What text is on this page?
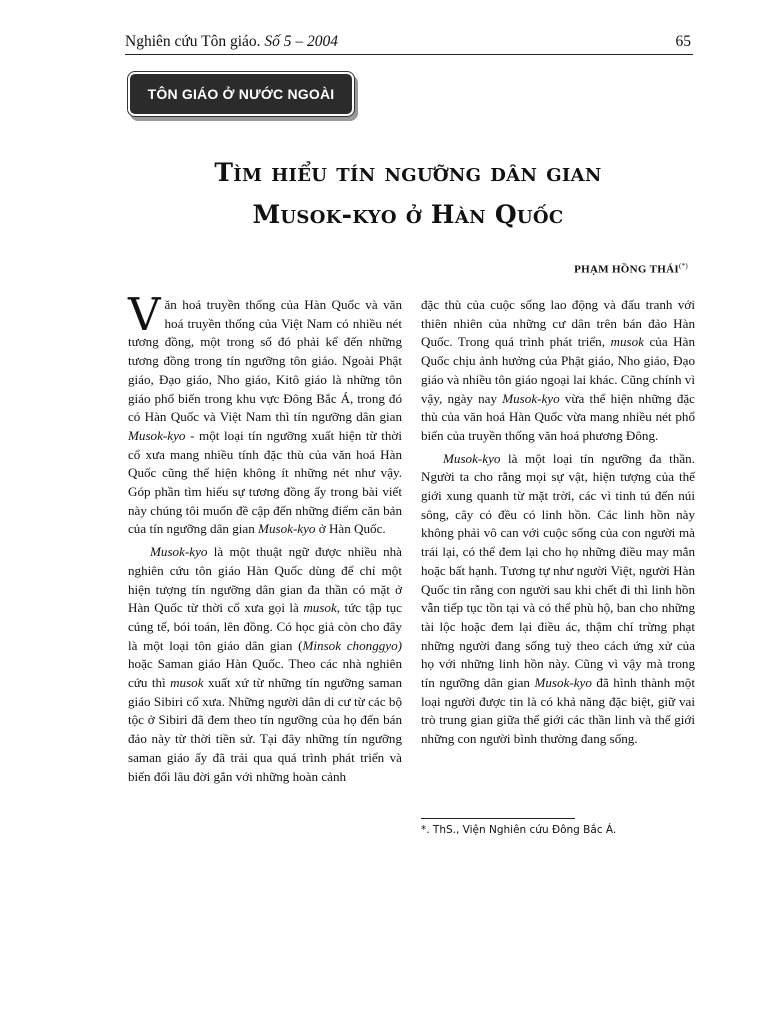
Nghiên cứu Tôn giáo. Số 5 – 2004	65
TÔN GIÁO Ở NƯỚC NGOÀI
Tìm hiểu tín ngưỡng dân gian
Musok-kyo ở Hàn Quốc
PHẠM HỒNG THÁI(*)

Văn hoá truyền thống của Hàn Quốc và văn hoá truyền thống của Việt Nam có nhiều nét tương đồng, một trong số đó phải kể đến những tương đồng trong tín ngưỡng tôn giáo. Ngoài Phật giáo, Đạo giáo, Nho giáo, Kitô giáo là những tôn giáo phổ biến trong khu vực Đông Bắc Á, trong đó có Hàn Quốc và Việt Nam thì tín ngưỡng dân gian Musok-kyo - một loại tín ngưỡng xuất hiện từ thời cổ xưa mang nhiều tính đặc thù của văn hoá Hàn Quốc cũng thể hiện không ít những nét như vậy. Góp phần tìm hiểu sự tương đồng ấy trong bài viết này chúng tôi muốn đề cập đến những điểm căn bản của tín ngưỡng dân gian Musok-kyo ở Hàn Quốc.

Musok-kyo là một thuật ngữ được nhiều nhà nghiên cứu tôn giáo Hàn Quốc dùng để chỉ một hiện tượng tín ngưỡng dân gian đa thần có mặt ở Hàn Quốc từ thời cổ xưa gọi là musok, tức tập tục cúng tế, bói toán, lên đồng. Có học giả còn cho đây là một loại tôn giáo dân gian (Minsok chonggyo) hoặc Saman giáo Hàn Quốc. Theo các nhà nghiên cứu thì musok xuất xứ từ những tín ngưỡng saman giáo Sibiri cổ xưa. Những người dân di cư từ các bộ tộc ở Sibiri đã đem theo tín ngưỡng của họ đến bán đảo này từ thời tiền sử. Tại đây những tín ngưỡng saman giáo ấy đã trải qua quá trình phát triển và biến đổi lâu đời gắn với những hoàn cảnh

đặc thù của cuộc sống lao động và đấu tranh với thiên nhiên của những cư dân trên bán đảo Hàn Quốc. Trong quá trình phát triển, musok của Hàn Quốc chịu ảnh hưởng của Phật giáo, Nho giáo, Đạo giáo và nhiều tôn giáo ngoại lai khác. Cũng chính vì vậy, ngày nay Musok-kyo vừa thể hiện những đặc thù của văn hoá Hàn Quốc vừa mang nhiều nét phổ biến của truyền thống văn hoá phương Đông.

Musok-kyo là một loại tín ngưỡng đa thần. Người ta cho rằng mọi sự vật, hiện tượng của thế giới xung quanh từ mặt trời, các vì tinh tú đến núi sông, cây cỏ đều có linh hồn. Các linh hồn này không phải vô can với cuộc sống của con người mà trái lại, có thể đem lại cho họ những điều may mắn hoặc bất hạnh. Tương tự như người Việt, người Hàn Quốc tin rằng con người sau khi chết đi thì linh hồn vẫn tiếp tục tồn tại và có thể phù hộ, ban cho những tài lộc hoặc đem lại điều ác, thậm chí trừng phạt những người đang sống tuỳ theo cách ứng xử của họ với những linh hồn này. Cũng vì vậy mà trong tín ngưỡng dân gian Musok-kyo đã hình thành một loại người được tin là có khả năng đặc biệt, giữ vai trò trung gian giữa thế giới các thần linh và thế giới những con người bình thường đang sống.

*. ThS., Viện Nghiên cứu Đông Bắc Á.
